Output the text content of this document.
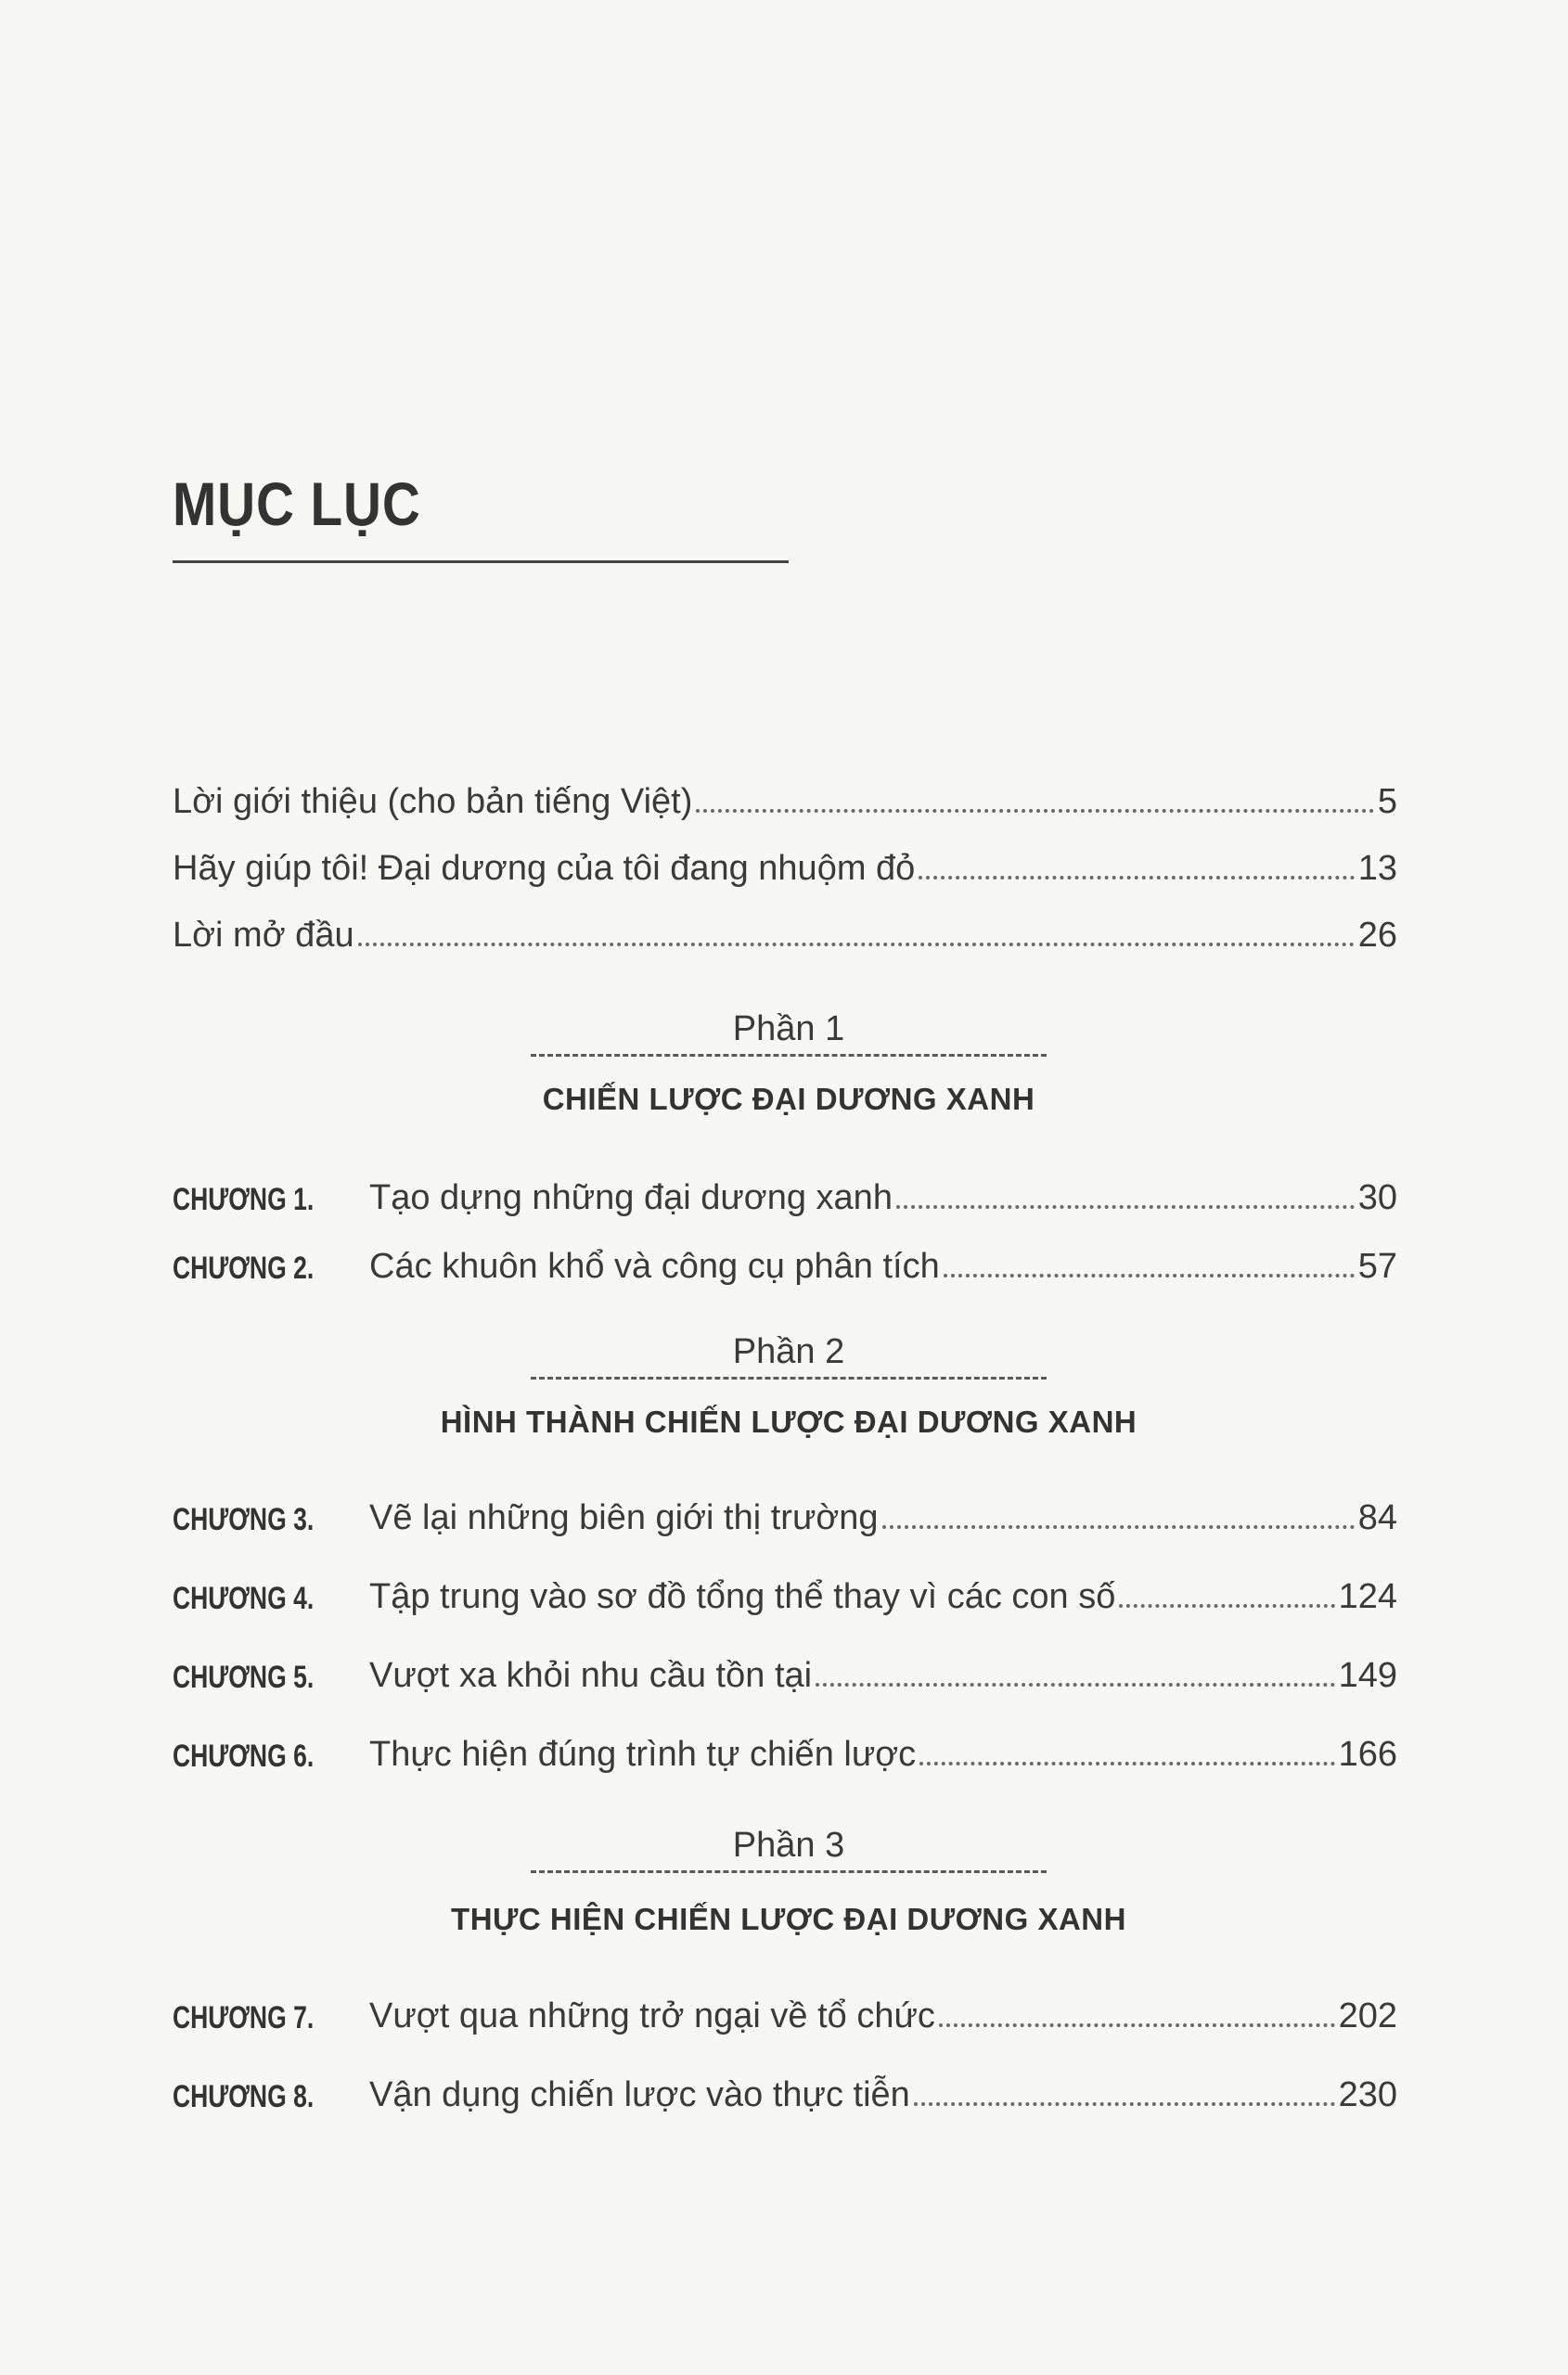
MỤC LỤC
Lời giới thiệu (cho bản tiếng Việt)	5
Hãy giúp tôi! Đại dương của tôi đang nhuộm đỏ	13
Lời mở đầu	26
Phần 1
CHIẾN LƯỢC ĐẠI DƯƠNG XANH
CHƯƠNG 1.	Tạo dựng những đại dương xanh	30
CHƯƠNG 2.	Các khuôn khổ và công cụ phân tích	57
Phần 2
HÌNH THÀNH CHIẾN LƯỢC ĐẠI DƯƠNG XANH
CHƯƠNG 3.	Vẽ lại những biên giới thị trường	84
CHƯƠNG 4.	Tập trung vào sơ đồ tổng thể thay vì các con số	124
CHƯƠNG 5.	Vượt xa khỏi nhu cầu tồn tại	149
CHƯƠNG 6.	Thực hiện đúng trình tự chiến lược	166
Phần 3
THỰC HIỆN CHIẾN LƯỢC ĐẠI DƯƠNG XANH
CHƯƠNG 7.	Vượt qua những trở ngại về tổ chức	202
CHƯƠNG 8.	Vận dụng chiến lược vào thực tiễn	230
